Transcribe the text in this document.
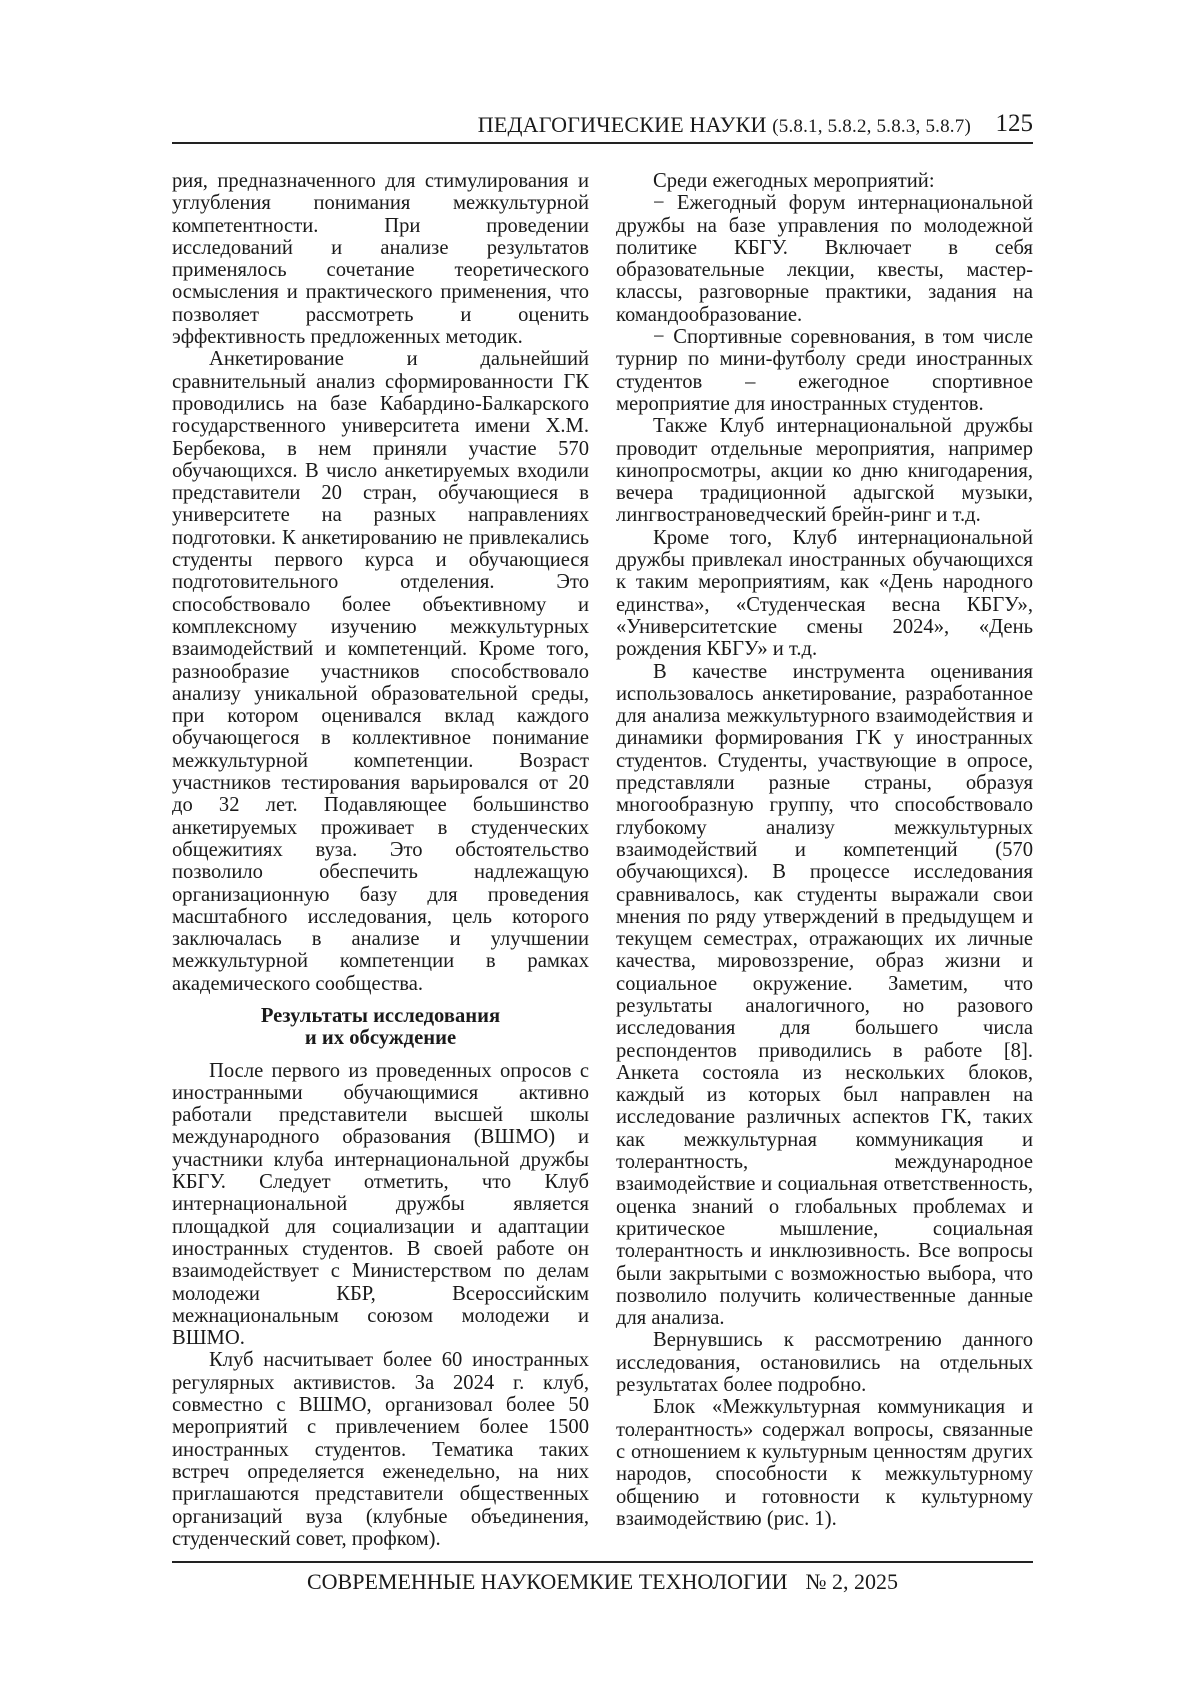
ПЕДАГОГИЧЕСКИЕ НАУКИ (5.8.1, 5.8.2, 5.8.3, 5.8.7) 125

рия, предназначенного для стимулирования и углубления понимания межкультурной компетентности. При проведении исследований и анализе результатов применялось сочетание теоретического осмысления и практического применения, что позволяет рассмотреть и оценить эффективность предложенных методик.

Анкетирование и дальнейший сравнительный анализ сформированности ГК проводились на базе Кабардино-Балкарского государственного университета имени Х.М. Бербекова, в нем приняли участие 570 обучающихся. В число анкетируемых входили представители 20 стран, обучающиеся в университете на разных направлениях подготовки. К анкетированию не привлекались студенты первого курса и обучающиеся подготовительного отделения. Это способствовало более объективному и комплексному изучению межкультурных взаимодействий и компетенций. Кроме того, разнообразие участников способствовало анализу уникальной образовательной среды, при котором оценивался вклад каждого обучающегося в коллективное понимание межкультурной компетенции. Возраст участников тестирования варьировался от 20 до 32 лет. Подавляющее большинство анкетируемых проживает в студенческих общежитиях вуза. Это обстоятельство позволило обеспечить надлежащую организационную базу для проведения масштабного исследования, цель которого заключалась в анализе и улучшении межкультурной компетенции в рамках академического сообщества.

Результаты исследования
и их обсуждение

После первого из проведенных опросов с иностранными обучающимися активно работали представители высшей школы международного образования (ВШМО) и участники клуба интернациональной дружбы КБГУ. Следует отметить, что Клуб интернациональной дружбы является площадкой для социализации и адаптации иностранных студентов. В своей работе он взаимодействует с Министерством по делам молодежи КБР, Всероссийским межнациональным союзом молодежи и ВШМО.

Клуб насчитывает более 60 иностранных регулярных активистов. За 2024 г. клуб, совместно с ВШМО, организовал более 50 мероприятий с привлечением более 1500 иностранных студентов. Тематика таких встреч определяется еженедельно, на них приглашаются представители общественных организаций вуза (клубные объединения, студенческий совет, профком).

Среди ежегодных мероприятий:

− Ежегодный форум интернациональной дружбы на базе управления по молодежной политике КБГУ. Включает в себя образовательные лекции, квесты, мастер-классы, разговорные практики, задания на командообразование.

− Спортивные соревнования, в том числе турнир по мини-футболу среди иностранных студентов – ежегодное спортивное мероприятие для иностранных студентов.

Также Клуб интернациональной дружбы проводит отдельные мероприятия, например кинопросмотры, акции ко дню книгодарения, вечера традиционной адыгской музыки, лингвострановедческий брейн-ринг и т.д.

Кроме того, Клуб интернациональной дружбы привлекал иностранных обучающихся к таким мероприятиям, как «День народного единства», «Студенческая весна КБГУ», «Университетские смены 2024», «День рождения КБГУ» и т.д.

В качестве инструмента оценивания использовалось анкетирование, разработанное для анализа межкультурного взаимодействия и динамики формирования ГК у иностранных студентов. Студенты, участвующие в опросе, представляли разные страны, образуя многообразную группу, что способствовало глубокому анализу межкультурных взаимодействий и компетенций (570 обучающихся). В процессе исследования сравнивалось, как студенты выражали свои мнения по ряду утверждений в предыдущем и текущем семестрах, отражающих их личные качества, мировоззрение, образ жизни и социальное окружение. Заметим, что результаты аналогичного, но разового исследования для большего числа респондентов приводились в работе [8]. Анкета состояла из нескольких блоков, каждый из которых был направлен на исследование различных аспектов ГК, таких как межкультурная коммуникация и толерантность, международное взаимодействие и социальная ответственность, оценка знаний о глобальных проблемах и критическое мышление, социальная толерантность и инклюзивность. Все вопросы были закрытыми с возможностью выбора, что позволило получить количественные данные для анализа.

Вернувшись к рассмотрению данного исследования, остановились на отдельных результатах более подробно.

Блок «Межкультурная коммуникация и толерантность» содержал вопросы, связанные с отношением к культурным ценностям других народов, способности к межкультурному общению и готовности к культурному взаимодействию (рис. 1).

СОВРЕМЕННЫЕ НАУКОЕМКИЕ ТЕХНОЛОГИИ № 2, 2025
